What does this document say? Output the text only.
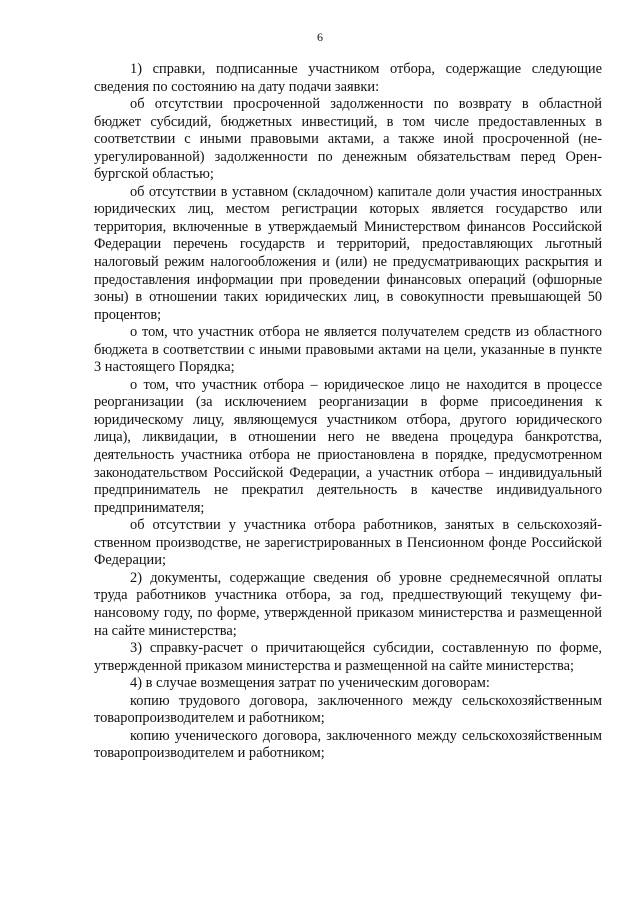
6

1) справки, подписанные участником отбора, содержащие следующие сведения по состоянию на дату подачи заявки:

об отсутствии просроченной задолженности по возврату в областной бюджет субсидий, бюджетных инвестиций, в том числе предоставленных в соответствии с иными правовыми актами, а также иной просроченной (неурегулированной) задолженности по денежным обязательствам перед Оренбургской областью;

об отсутствии в уставном (складочном) капитале доли участия иностранных юридических лиц, местом регистрации которых является государство или территория, включенные в утверждаемый Министерством финансов Российской Федерации перечень государств и территорий, предоставляющих льготный налоговый режим налогообложения и (или) не предусматривающих раскрытия и предоставления информации при проведении финансовых операций (офшорные зоны) в отношении таких юридических лиц, в совокупности превышающей 50 процентов;

о том, что участник отбора не является получателем средств из областного бюджета в соответствии с иными правовыми актами на цели, указанные в пункте 3 настоящего Порядка;

о том, что участник отбора – юридическое лицо не находится в процессе реорганизации (за исключением реорганизации в форме присоединения к юридическому лицу, являющемуся участником отбора, другого юридического лица), ликвидации, в отношении него не введена процедура банкротства, деятельность участника отбора не приостановлена в порядке, предусмотренном законодательством Российской Федерации, а участник отбора – индивидуальный предприниматель не прекратил деятельность в качестве индивидуального предпринимателя;

об отсутствии у участника отбора работников, занятых в сельскохозяйственном производстве, не зарегистрированных в Пенсионном фонде Российской Федерации;

2) документы, содержащие сведения об уровне среднемесячной оплаты труда работников участника отбора, за год, предшествующий текущему финансовому году, по форме, утвержденной приказом министерства и размещенной на сайте министерства;

3) справку-расчет о причитающейся субсидии, составленную по форме, утвержденной приказом министерства и размещенной на сайте министерства;

4) в случае возмещения затрат по ученическим договорам:

копию трудового договора, заключенного между сельскохозяйственным товаропроизводителем и работником;

копию ученического договора, заключенного между сельскохозяйственным товаропроизводителем и работником;
